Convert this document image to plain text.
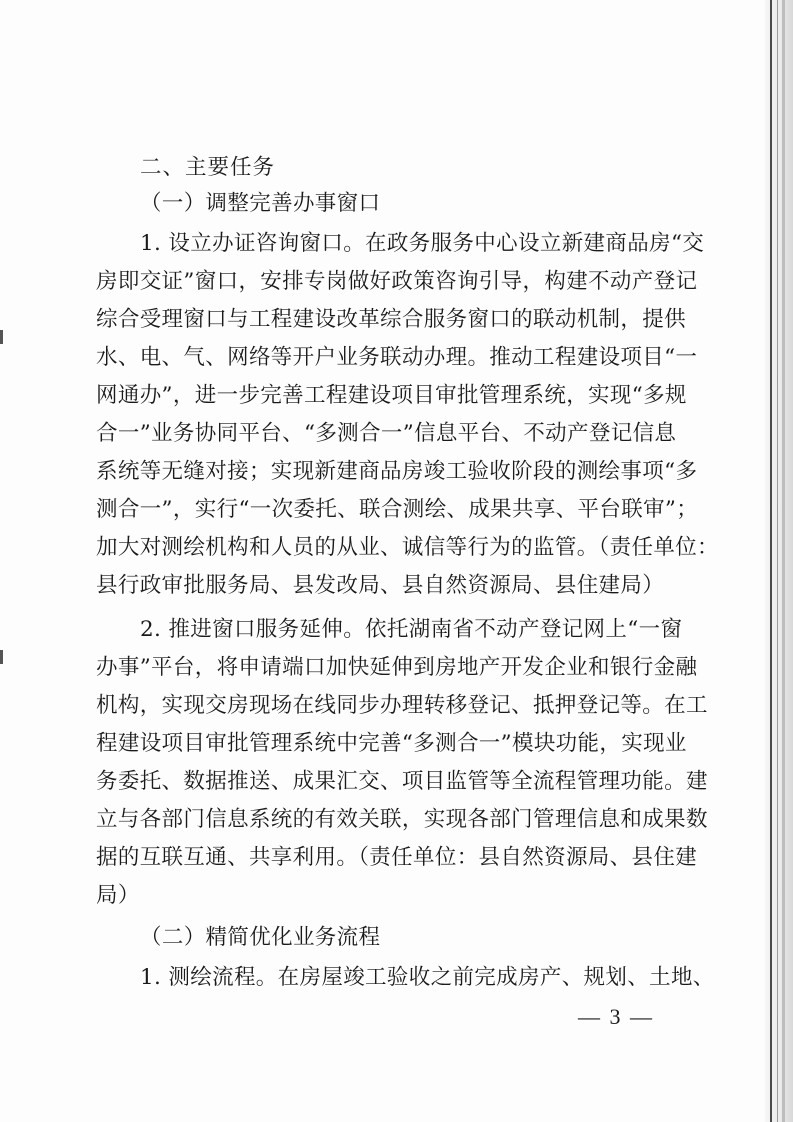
二、主要任务
（一）调整完善办事窗口
1. 设立办证咨询窗口。在政务服务中心设立新建商品房“交
房即交证”窗口，安排专岗做好政策咨询引导，构建不动产登记
综合受理窗口与工程建设改革综合服务窗口的联动机制，提供
水、电、气、网络等开户业务联动办理。推动工程建设项目“一
网通办”，进一步完善工程建设项目审批管理系统，实现“多规
合一”业务协同平台、“多测合一”信息平台、不动产登记信息
系统等无缝对接；实现新建商品房竣工验收阶段的测绘事项“多
测合一”，实行“一次委托、联合测绘、成果共享、平台联审”；
加大对测绘机构和人员的从业、诚信等行为的监管。（责任单位：
县行政审批服务局、县发改局、县自然资源局、县住建局）
2. 推进窗口服务延伸。依托湖南省不动产登记网上“一窗
办事”平台，将申请端口加快延伸到房地产开发企业和银行金融
机构，实现交房现场在线同步办理转移登记、抵押登记等。在工
程建设项目审批管理系统中完善“多测合一”模块功能，实现业
务委托、数据推送、成果汇交、项目监管等全流程管理功能。建
立与各部门信息系统的有效关联，实现各部门管理信息和成果数
据的互联互通、共享利用。（责任单位：县自然资源局、县住建
局）
（二）精简优化业务流程
1. 测绘流程。在房屋竣工验收之前完成房产、规划、土地、
— 3 —
